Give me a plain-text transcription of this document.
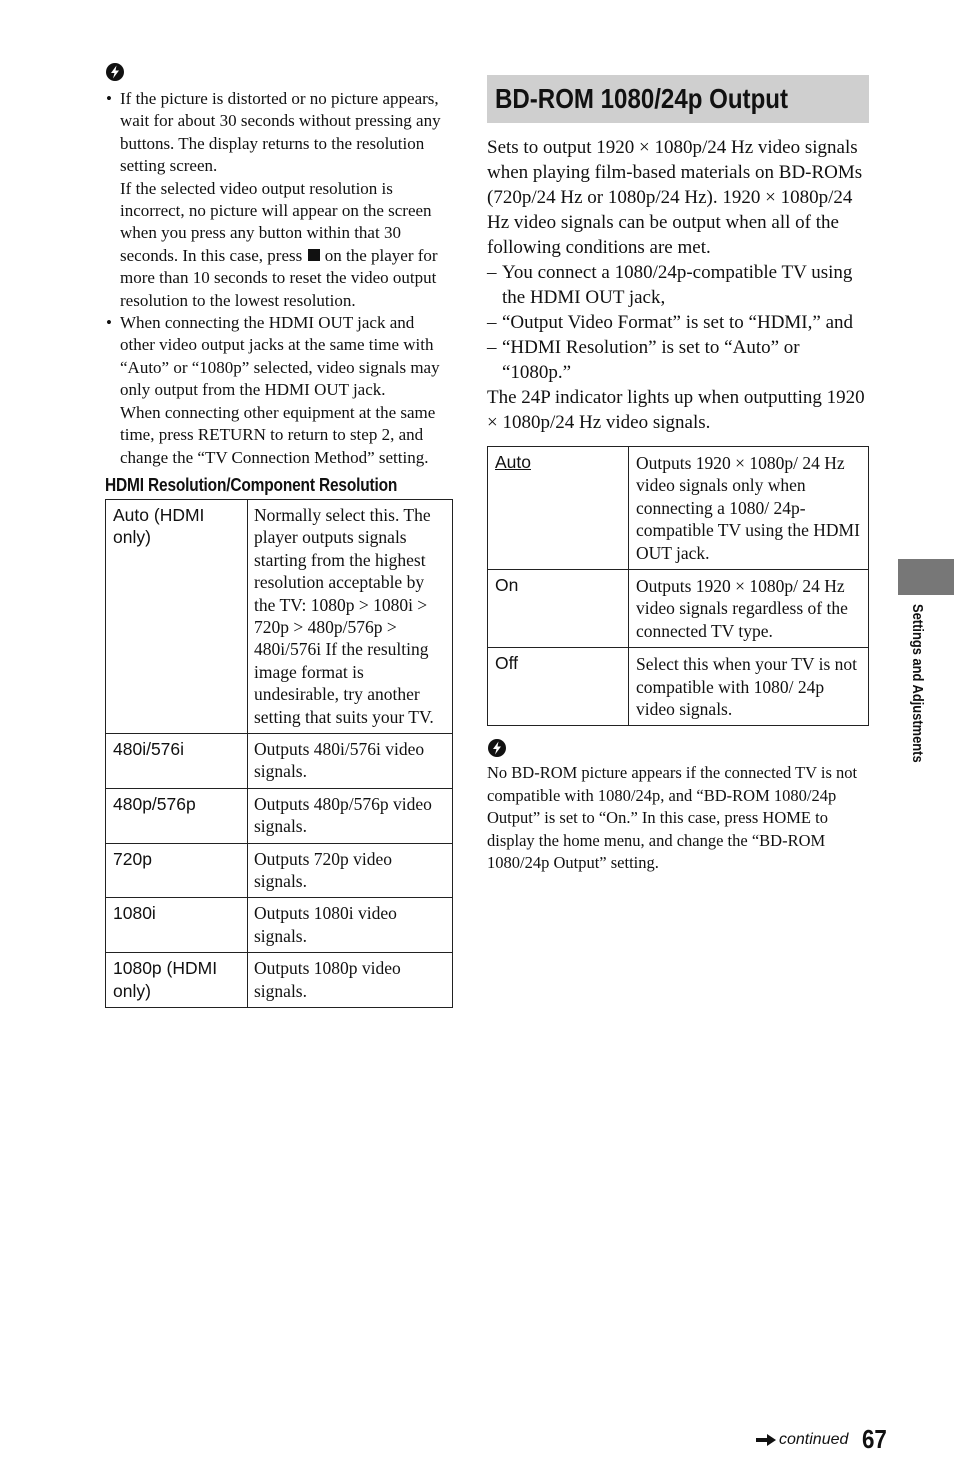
• If the picture is distorted or no picture appears, wait for about 30 seconds without pressing any buttons. The display returns to the resolution setting screen.

If the selected video output resolution is incorrect, no picture will appear on the screen when you press any button within that 30 seconds. In this case, press on the player for more than 10 seconds to reset the video output resolution to the lowest resolution.

• When connecting the HDMI OUT jack and other video output jacks at the same time with “Auto” or “1080p” selected, video signals may only output from the HDMI OUT jack.

When connecting other equipment at the same time, press RETURN to return to step 2, and change the “TV Connection Method” setting.

HDMI Resolution/Component Resolution
Auto (HDMI only)	Normally select this. The player outputs signals starting from the highest resolution acceptable by the TV: 1080p > 1080i > 720p > 480p/576p > 480i/576i If the resulting image format is undesirable, try another setting that suits your TV.
480i/576i	Outputs 480i/576i video signals.
480p/576p	Outputs 480p/576p video signals.
720p	Outputs 720p video signals.
1080i	Outputs 1080i video signals.
1080p (HDMI only)	Outputs 1080p video signals.
BD-ROM 1080/24p Output

Sets to output 1920 × 1080p/24 Hz video signals when playing film-based materials on BD-ROMs (720p/24 Hz or 1080p/24 Hz). 1920 × 1080p/24 Hz video signals can be output when all of the following conditions are met.

– You connect a 1080/24p-compatible TV using the HDMI OUT jack,

– “Output Video Format” is set to “HDMI,” and

– “HDMI Resolution” is set to “Auto” or “1080p.”

The 24P indicator lights up when outputting 1920 × 1080p/24 Hz video signals.

Auto	Outputs 1920 × 1080p/ 24 Hz video signals only when connecting a 1080/ 24p-compatible TV using the HDMI OUT jack.
On	Outputs 1920 × 1080p/ 24 Hz video signals regardless of the connected TV type.
Off	Select this when your TV is not compatible with 1080/ 24p video signals.

No BD-ROM picture appears if the connected TV is not compatible with 1080/24p, and “BD-ROM 1080/24p Output” is set to “On.” In this case, press HOME to display the home menu, and change the “BD-ROM 1080/24p Output” setting.

Settings and Adjustments
continued 67
